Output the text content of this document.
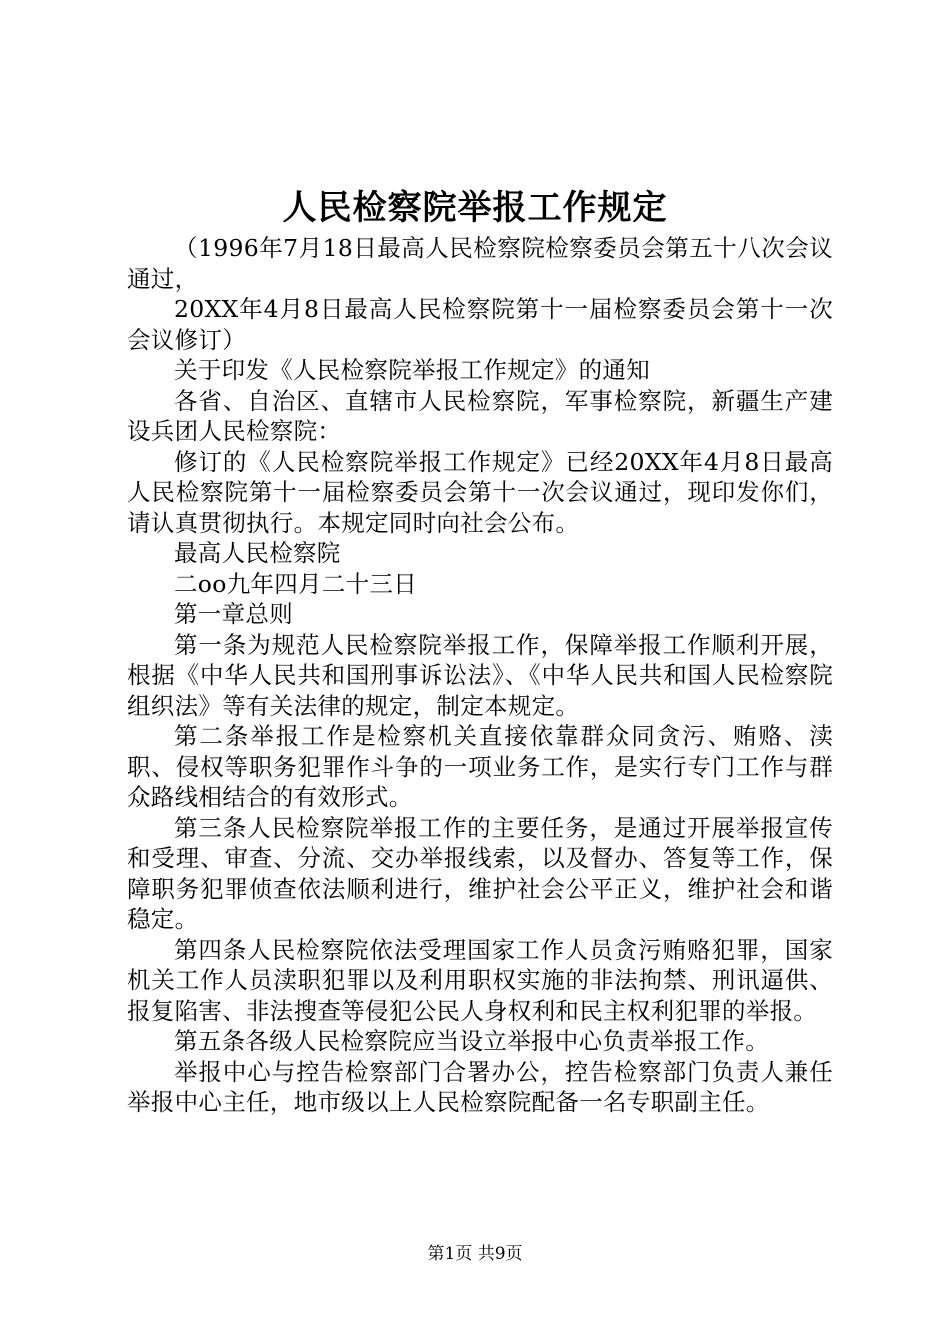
人民检察院举报工作规定

（1996年7月18日最高人民检察院检察委员会第五十八次会议通过，

20XX年4月8日最高人民检察院第十一届检察委员会第十一次会议修订）

关于印发《人民检察院举报工作规定》的通知

各省、自治区、直辖市人民检察院，军事检察院，新疆生产建设兵团人民检察院：

修订的《人民检察院举报工作规定》已经20XX年4月8日最高人民检察院第十一届检察委员会第十一次会议通过，现印发你们，请认真贯彻执行。本规定同时向社会公布。

最高人民检察院

二oo九年四月二十三日

第一章总则

第一条为规范人民检察院举报工作，保障举报工作顺利开展，根据《中华人民共和国刑事诉讼法》、《中华人民共和国人民检察院组织法》等有关法律的规定，制定本规定。

第二条举报工作是检察机关直接依靠群众同贪污、贿赂、渎职、侵权等职务犯罪作斗争的一项业务工作，是实行专门工作与群众路线相结合的有效形式。

第三条人民检察院举报工作的主要任务，是通过开展举报宣传和受理、审查、分流、交办举报线索，以及督办、答复等工作，保障职务犯罪侦查依法顺利进行，维护社会公平正义，维护社会和谐稳定。

第四条人民检察院依法受理国家工作人员贪污贿赂犯罪，国家机关工作人员渎职犯罪以及利用职权实施的非法拘禁、刑讯逼供、报复陷害、非法搜查等侵犯公民人身权利和民主权利犯罪的举报。

第五条各级人民检察院应当设立举报中心负责举报工作。

举报中心与控告检察部门合署办公，控告检察部门负责人兼任举报中心主任，地市级以上人民检察院配备一名专职副主任。

第1页 共9页
